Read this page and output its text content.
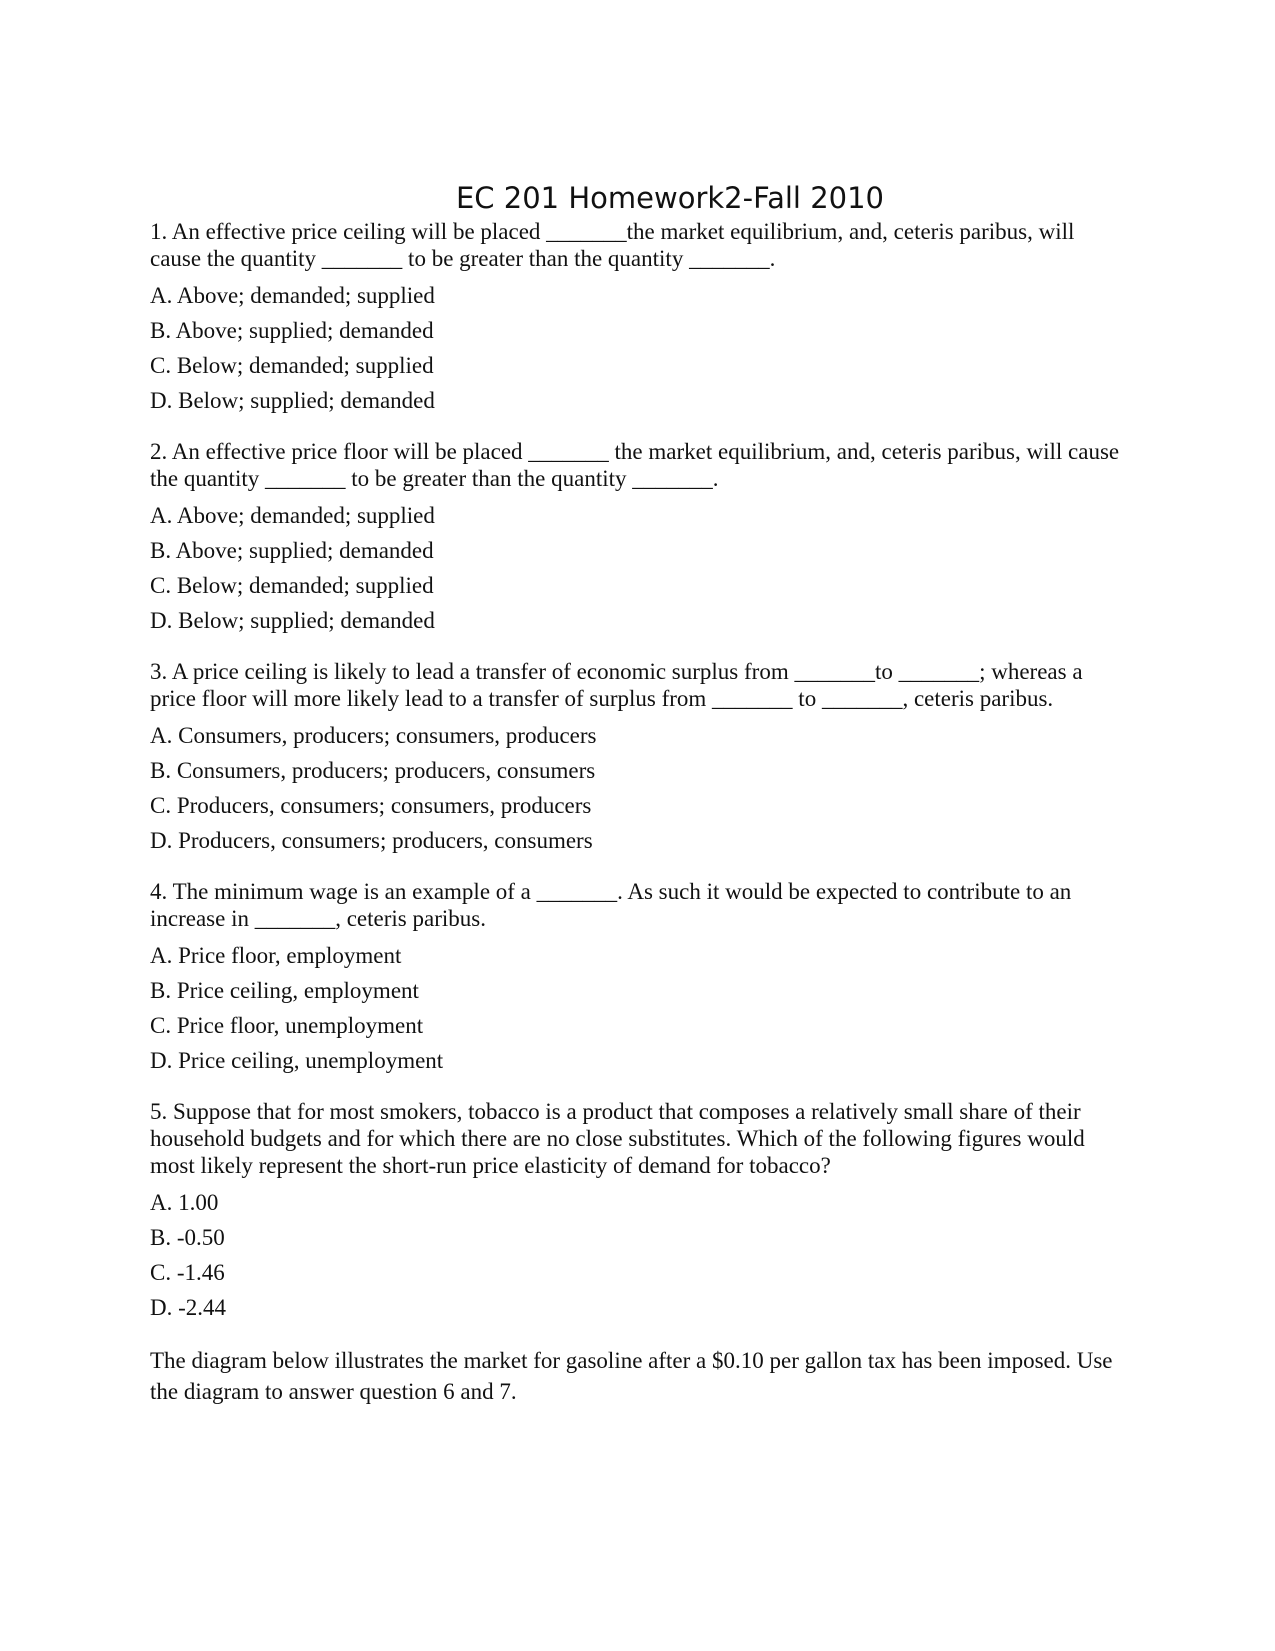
EC 201 Homework2-Fall 2010

1. An effective price ceiling will be placed _______the market equilibrium, and, ceteris paribus, will cause the quantity _______ to be greater than the quantity _______.

A. Above; demanded; supplied

B. Above; supplied; demanded

C. Below; demanded; supplied

D. Below; supplied; demanded

2. An effective price floor will be placed _______ the market equilibrium, and, ceteris paribus, will cause the quantity _______ to be greater than the quantity _______.

A. Above; demanded; supplied

B. Above; supplied; demanded

C. Below; demanded; supplied

D. Below; supplied; demanded

3. A price ceiling is likely to lead a transfer of economic surplus from _______to _______; whereas a price floor will more likely lead to a transfer of surplus from _______ to _______, ceteris paribus.

A. Consumers, producers; consumers, producers

B. Consumers, producers; producers, consumers

C. Producers, consumers; consumers, producers

D. Producers, consumers; producers, consumers

4. The minimum wage is an example of a _______. As such it would be expected to contribute to an increase in _______, ceteris paribus.

A. Price floor, employment

B. Price ceiling, employment

C. Price floor, unemployment

D. Price ceiling, unemployment

5. Suppose that for most smokers, tobacco is a product that composes a relatively small share of their household budgets and for which there are no close substitutes. Which of the following figures would most likely represent the short-run price elasticity of demand for tobacco?

A. 1.00

B. -0.50

C. -1.46

D. -2.44

The diagram below illustrates the market for gasoline after a $0.10 per gallon tax has been imposed. Use the diagram to answer question 6 and 7.
